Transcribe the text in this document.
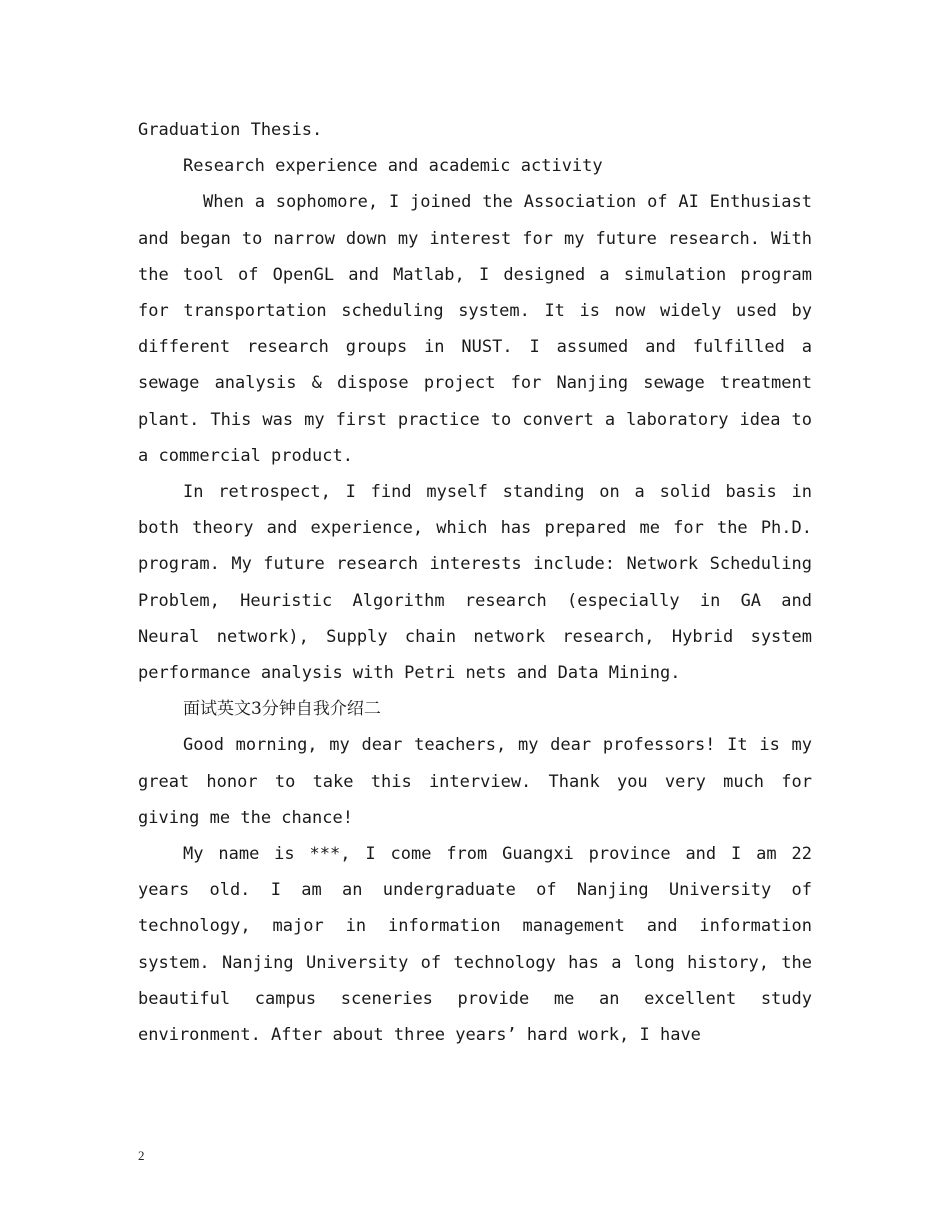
Graduation Thesis.

Research experience and academic activity

When a sophomore, I joined the Association of AI Enthusiast and began to narrow down my interest for my future research. With the tool of OpenGL and Matlab, I designed a simulation program for transportation scheduling system. It is now widely used by different research groups in NUST. I assumed and fulfilled a sewage analysis & dispose project for Nanjing sewage treatment plant. This was my first practice to convert a laboratory idea to a commercial product.

In retrospect, I find myself standing on a solid basis in both theory and experience, which has prepared me for the Ph.D. program. My future research interests include: Network Scheduling Problem, Heuristic Algorithm research (especially in GA and Neural network), Supply chain network research, Hybrid system performance analysis with Petri nets and Data Mining.

面试英文3分钟自我介绍二

Good morning, my dear teachers, my dear professors! It is my great honor to take this interview. Thank you very much for giving me the chance!

My name is ***, I come from Guangxi province and I am 22 years old. I am an undergraduate of Nanjing University of technology, major in information management and information system. Nanjing University of technology has a long history, the beautiful campus sceneries provide me an excellent study environment. After about three years’ hard work, I have

2
